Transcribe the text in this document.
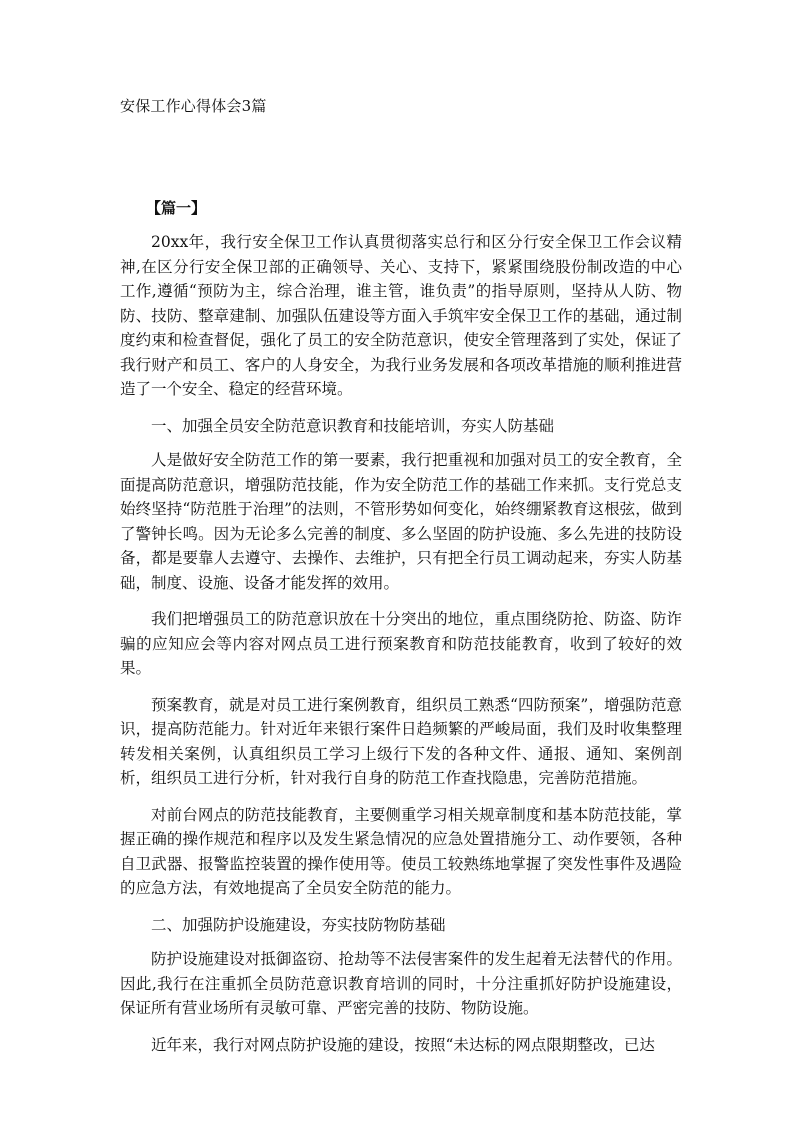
安保工作心得体会3篇
【篇一】

20xx年，我行安全保卫工作认真贯彻落实总行和区分行安全保卫工作会议精神,在区分行安全保卫部的正确领导、关心、支持下，紧紧围绕股份制改造的中心工作,遵循“预防为主，综合治理，谁主管，谁负责”的指导原则，坚持从人防、物防、技防、整章建制、加强队伍建设等方面入手筑牢安全保卫工作的基础，通过制度约束和检查督促，强化了员工的安全防范意识，使安全管理落到了实处，保证了我行财产和员工、客户的人身安全，为我行业务发展和各项改革措施的顺利推进营造了一个安全、稳定的经营环境。

一、加强全员安全防范意识教育和技能培训，夯实人防基础

人是做好安全防范工作的第一要素，我行把重视和加强对员工的安全教育，全面提高防范意识，增强防范技能，作为安全防范工作的基础工作来抓。支行党总支始终坚持“防范胜于治理”的法则，不管形势如何变化，始终绷紧教育这根弦，做到了警钟长鸣。因为无论多么完善的制度、多么坚固的防护设施、多么先进的技防设备，都是要靠人去遵守、去操作、去维护，只有把全行员工调动起来，夯实人防基础，制度、设施、设备才能发挥的效用。

我们把增强员工的防范意识放在十分突出的地位，重点围绕防抢、防盗、防诈骗的应知应会等内容对网点员工进行预案教育和防范技能教育，收到了较好的效果。

预案教育，就是对员工进行案例教育，组织员工熟悉“四防预案”，增强防范意识，提高防范能力。针对近年来银行案件日趋频繁的严峻局面，我们及时收集整理转发相关案例，认真组织员工学习上级行下发的各种文件、通报、通知、案例剖析，组织员工进行分析，针对我行自身的防范工作查找隐患，完善防范措施。

对前台网点的防范技能教育，主要侧重学习相关规章制度和基本防范技能，掌握正确的操作规范和程序以及发生紧急情况的应急处置措施分工、动作要领，各种自卫武器、报警监控装置的操作使用等。使员工较熟练地掌握了突发性事件及遇险的应急方法，有效地提高了全员安全防范的能力。

二、加强防护设施建设，夯实技防物防基础

防护设施建设对抵御盗窃、抢劫等不法侵害案件的发生起着无法替代的作用。因此,我行在注重抓全员防范意识教育培训的同时，十分注重抓好防护设施建设，保证所有营业场所有灵敏可靠、严密完善的技防、物防设施。

近年来，我行对网点防护设施的建设，按照“未达标的网点限期整改，已达
